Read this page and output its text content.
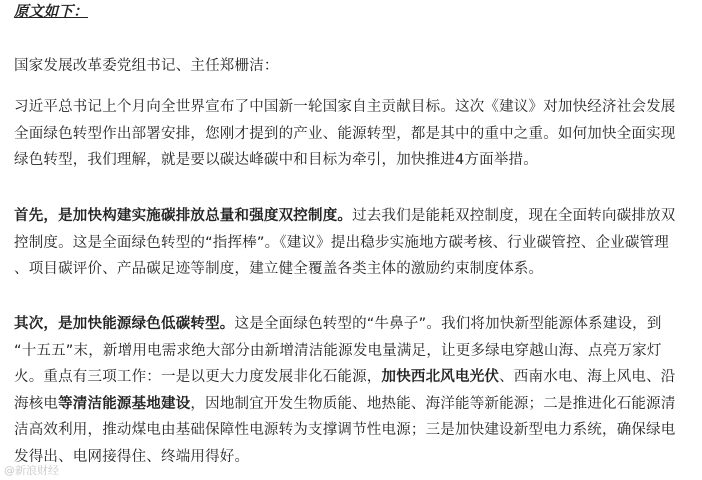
原文如下：
国家发展改革委党组书记、主任郑栅洁：
习近平总书记上个月向全世界宣布了中国新一轮国家自主贡献目标。这次《建议》对加快经济社会发展
全面绿色转型作出部署安排，您刚才提到的产业、能源转型，都是其中的重中之重。如何加快全面实现
绿色转型，我们理解，就是要以碳达峰碳中和目标为牵引，加快推进4方面举措。
首先，是加快构建实施碳排放总量和强度双控制度。过去我们是能耗双控制度，现在全面转向碳排放双
控制度。这是全面绿色转型的“指挥棒”。《建议》提出稳步实施地方碳考核、行业碳管控、企业碳管理
、项目碳评价、产品碳足迹等制度，建立健全覆盖各类主体的激励约束制度体系。
其次，是加快能源绿色低碳转型。这是全面绿色转型的“牛鼻子”。我们将加快新型能源体系建设，到
“十五五”末，新增用电需求绝大部分由新增清洁能源发电量满足，让更多绿电穿越山海、点亮万家灯
火。重点有三项工作：一是以更大力度发展非化石能源，加快西北风电光伏、西南水电、海上风电、沿
海核电等清洁能源基地建设，因地制宜开发生物质能、地热能、海洋能等新能源；二是推进化石能源清
洁高效利用，推动煤电由基础保障性电源转为支撑调节性电源；三是加快建设新型电力系统，确保绿电
发得出、电网接得住、终端用得好。
@新浪财经
